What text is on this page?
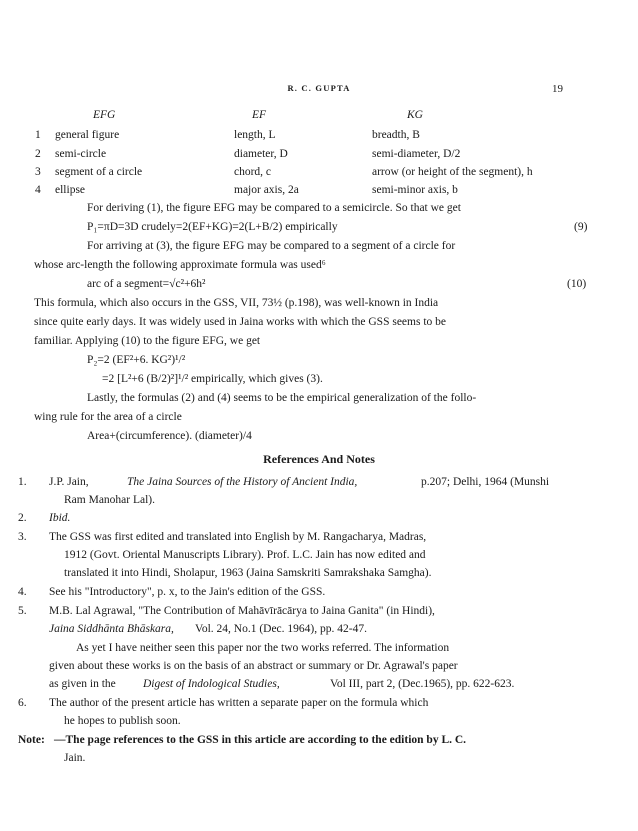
R. C. GUPTA	19
EFG	EF	KG
1 general figure	length, L	breadth, B
2 semi-circle	diameter, D	semi-diameter, D/2
3 segment of a circle	chord, c	arrow (or height of the segment), h
4 ellipse	major axis, 2a	semi-minor axis, b
For deriving (1), the figure EFG may be compared to a semicircle. So that we get
P₁=πD=3D crudely=2(EF+KG)=2(L+B/2) empirically	(9)
For arriving at (3), the figure EFG may be compared to a segment of a circle for
whose arc-length the following approximate formula was used⁶
arc of a segment=√c²+6h²	(10)
This formula, which also occurs in the GSS, VII, 73½ (p.198), was well-known in India
since quite early days. It was widely used in Jaina works with which the GSS seems to be
familiar. Applying (10) to the figure EFG, we get
P₂=2 (EF²+6. KG²)¹/²
=2 [L²+6 (B/2)²]¹/² empirically, which gives (3).
Lastly, the formulas (2) and (4) seems to be the empirical generalization of the follo-
wing rule for the area of a circle
Area+(circumference). (diameter)/4
References And Notes
1. J.P. Jain,	The Jaina Sources of the History of Ancient India,	p.207; Delhi, 1964 (Munshi
Ram Manohar Lal).
2. Ibid.
3. The GSS was first edited and translated into English by M. Rangacharya, Madras,
1912 (Govt. Oriental Manuscripts Library). Prof. L.C. Jain has now edited and
translated it into Hindi, Sholapur, 1963 (Jaina Samskriti Samrakshaka Samgha).
4. See his "Introductory", p. x, to the Jain's edition of the GSS.
5. M.B. Lal Agrawal, "The Contribution of Mahāvīrācārya to Jaina Ganita" (in Hindi),
Jaina Siddhānta Bhāskara, Vol. 24, No.1 (Dec. 1964), pp. 42-47.
As yet I have neither seen this paper nor the two works referred. The information
given about these works is on the basis of an abstract or summary or Dr. Agrawal's paper
as given in the Digest of Indological Studies,	Vol III, part 2, (Dec.1965), pp. 622-623.
6. The author of the present article has written a separate paper on the formula which
he hopes to publish soon.
Note: —The page references to the GSS in this article are according to the edition by L. C.
Jain.
